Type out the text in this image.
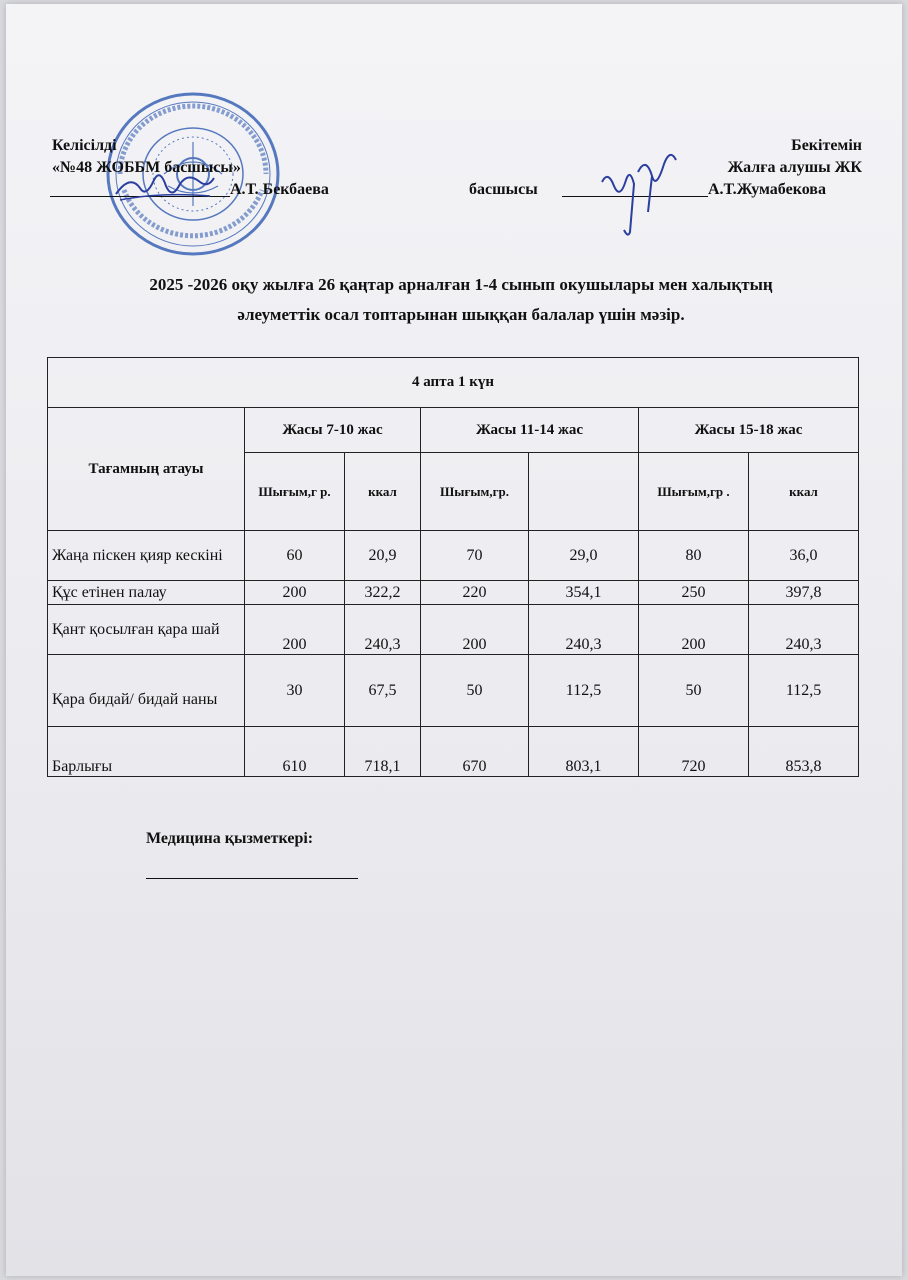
Келісілді
«№48 ЖОББМ басшысы»
А.Т. Бекбаева
Бекітемін
Жалға алушы ЖК
басшысы	А.Т.Жумабекова
2025 -2026 оқу жылға 26 қаңтар арналған 1-4 сынып окушылары мен халықтың
әлеуметтік осал топтарынан шыққан балалар үшін мәзір.
4 апта 1 күн						
Тағамның атауы	Жасы 7-10 жас		Жасы 11-14 жас		Жасы 15-18 жас	
	Шығым,г р.	ккал	Шығым,гр.		Шығым,гр .	ккал
Жаңа піскен қияр кескіні	60	20,9	70	29,0	80	36,0
Құс етінен палау	200	322,2	220	354,1	250	397,8
Қант қосылған қара шай	200	240,3	200	240,3	200	240,3
Қара бидай/ бидай наны	30	67,5	50	112,5	50	112,5
Барлығы	610	718,1	670	803,1	720	853,8
Медицина қызметкері:
